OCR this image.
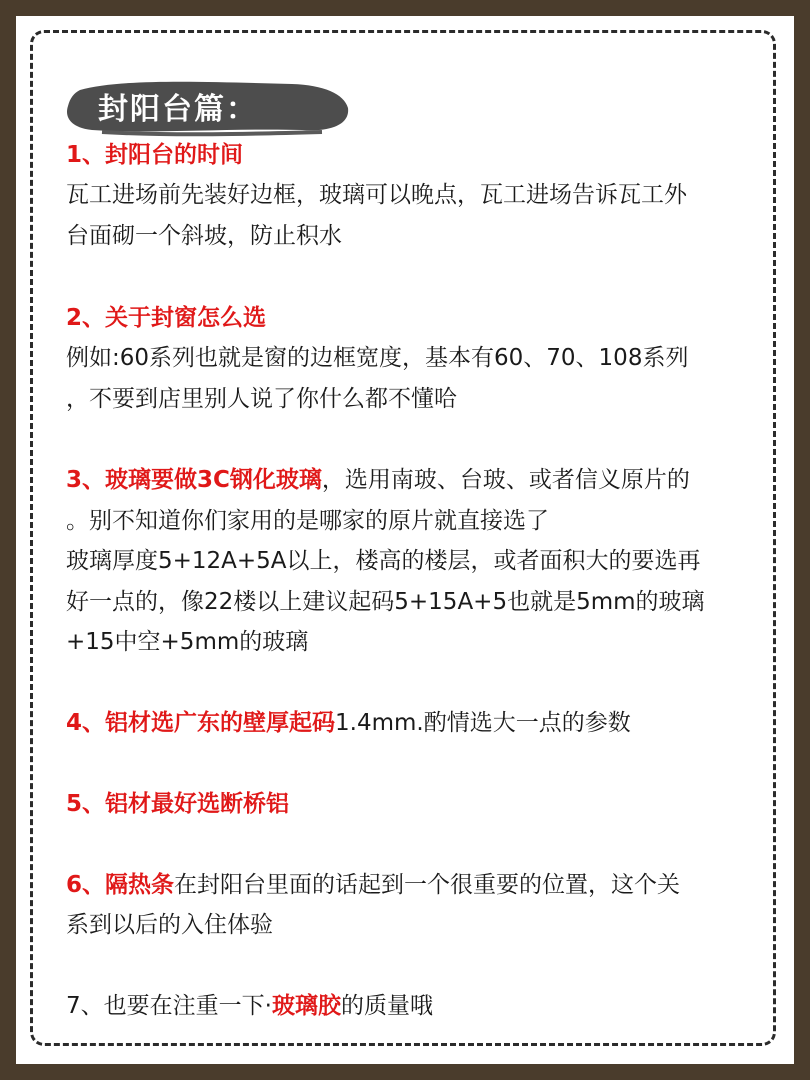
封阳台篇：
1、封阳台的时间
瓦工进场前先装好边框，玻璃可以晚点，瓦工进场告诉瓦工外
台面砌一个斜坡，防止积水
2、关于封窗怎么选
例如:60系列也就是窗的边框宽度，基本有60、70、108系列
，不要到店里别人说了你什么都不懂哈
3、玻璃要做3C钢化玻璃，选用南玻、台玻、或者信义原片的
。别不知道你们家用的是哪家的原片就直接选了
玻璃厚度5+12A+5A以上，楼高的楼层，或者面积大的要选再
好一点的，像22楼以上建议起码5+15A+5也就是5mm的玻璃
+15中空+5mm的玻璃
4、铝材选广东的壁厚起码1.4mm.酌情选大一点的参数
5、铝材最好选断桥铝
6、隔热条在封阳台里面的话起到一个很重要的位置，这个关
系到以后的入住体验
7、也要在注重一下·玻璃胶的质量哦
